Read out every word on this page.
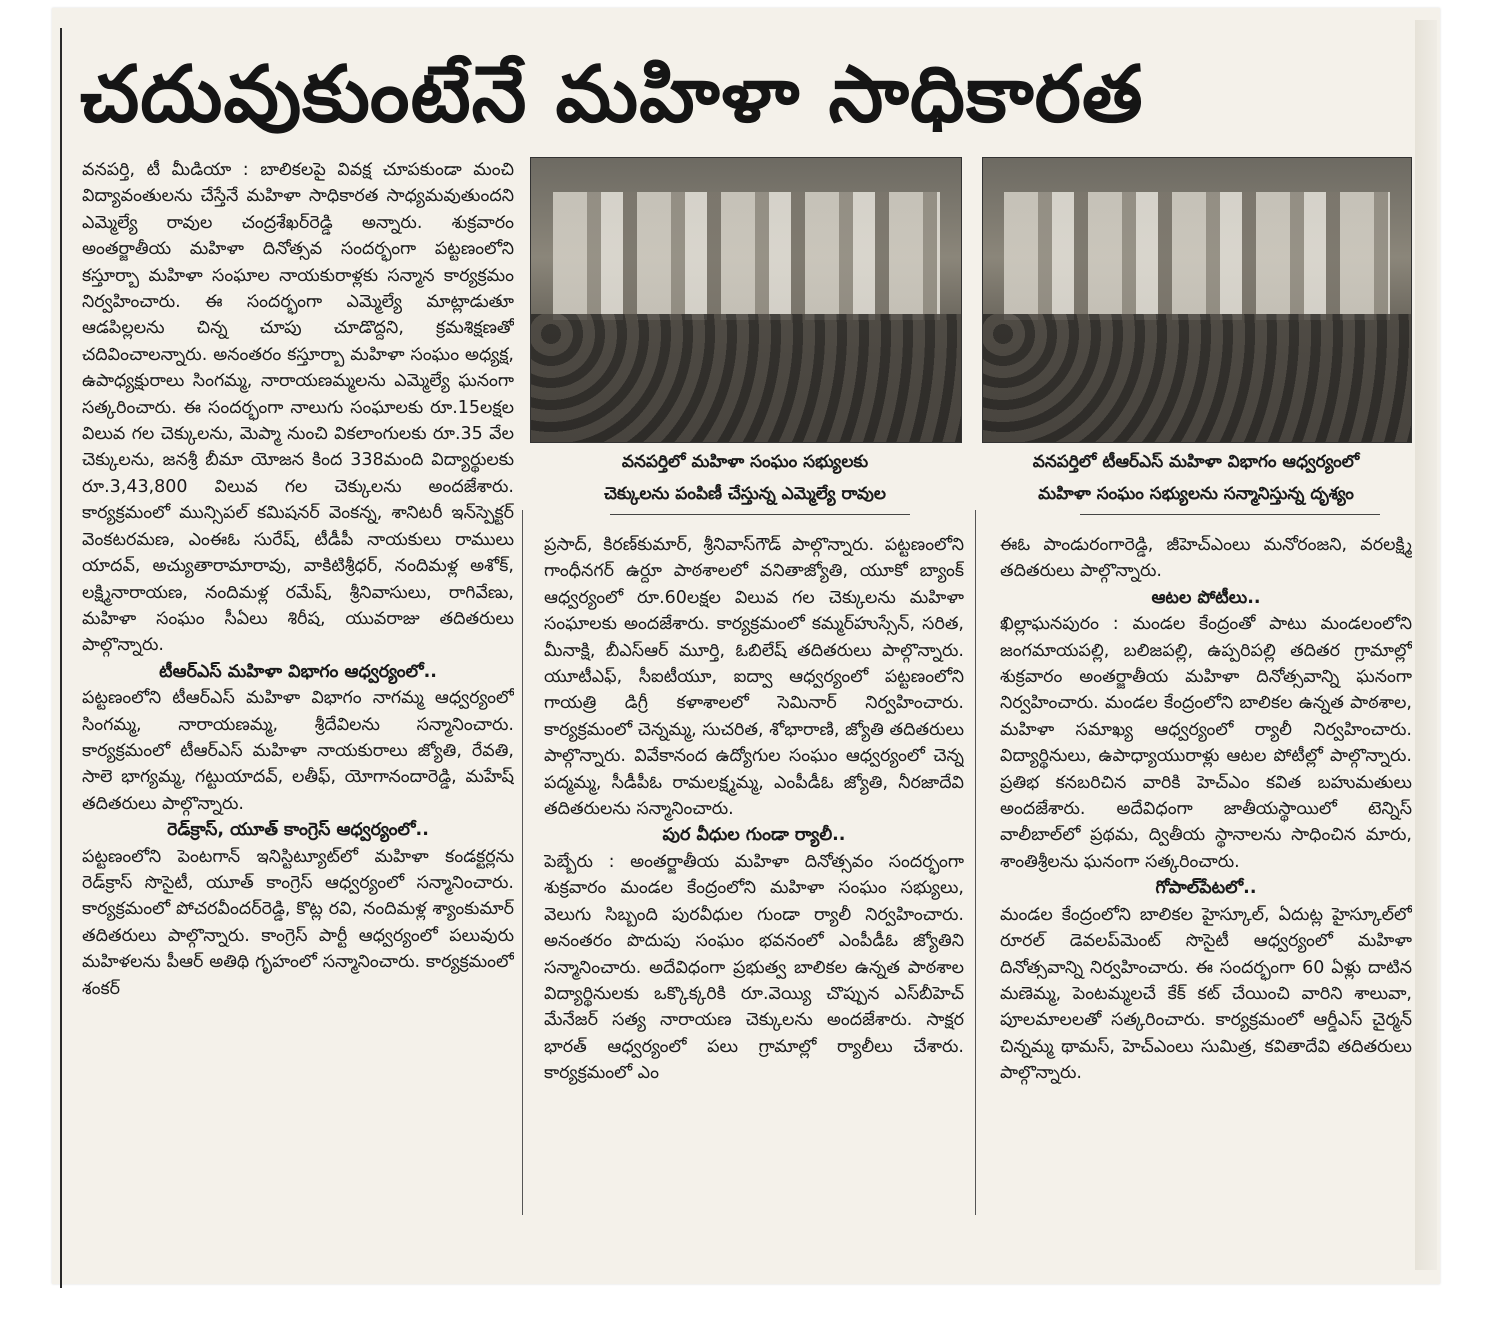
చదువుకుంటేనే మహిళా సాధికారత

వనపర్తి, టీ మీడియా : బాలికలపై వివక్ష చూపకుండా మంచి విద్యావంతులను చేస్తేనే మహిళా సాధికారత సాధ్యమవుతుందని ఎమ్మెల్యే రావుల చంద్రశేఖర్‌రెడ్డి అన్నారు. శుక్రవారం అంతర్జాతీయ మహిళా దినోత్సవ సందర్భంగా పట్టణంలోని కస్తూర్బా మహిళా సంఘాల నాయకురాళ్లకు సన్మాన కార్యక్రమం నిర్వహించారు. ఈ సందర్భంగా ఎమ్మెల్యే మాట్లాడుతూ ఆడపిల్లలను చిన్న చూపు చూడొద్దని, క్రమశిక్షణతో చదివించాలన్నారు. అనంతరం కస్తూర్బా మహిళా సంఘం అధ్యక్ష, ఉపాధ్యక్షురాలు సింగమ్మ, నారాయణమ్మలను ఎమ్మెల్యే ఘనంగా సత్కరించారు. ఈ సందర్భంగా నాలుగు సంఘాలకు రూ.15లక్షల విలువ గల చెక్కులను, మెప్మా నుంచి వికలాంగులకు రూ.35 వేల చెక్కులను, జనశ్రీ బీమా యోజన కింద 338మంది విద్యార్థులకు రూ.3,43,800 విలువ గల చెక్కులను అందజేశారు. కార్యక్రమంలో మున్సిపల్ కమిషనర్ వెంకన్న, శానిటరీ ఇన్‌స్పెక్టర్ వెంకటరమణ, ఎంఈఓ సురేష్, టీడీపీ నాయకులు రాములు యాదవ్, అచ్యుతారామారావు, వాకిటిశ్రీధర్, నందిమళ్ల అశోక్, లక్ష్మినారాయణ, నందిమళ్ల రమేష్, శ్రీనివాసులు, రాగివేణు, మహిళా సంఘం సీఏలు శిరీష, యువరాజు తదితరులు పాల్గొన్నారు.

టీఆర్‌ఎస్ మహిళా విభాగం ఆధ్వర్యంలో..

పట్టణంలోని టీఆర్‌ఎస్ మహిళా విభాగం నాగమ్మ ఆధ్వర్యంలో సింగమ్మ, నారాయణమ్మ, శ్రీదేవిలను సన్మానించారు. కార్యక్రమంలో టీఆర్‌ఎస్ మహిళా నాయకురాలు జ్యోతి, రేవతి, సాలె భాగ్యమ్మ, గట్టుయాదవ్, లతీఫ్, యోగానందారెడ్డి, మహేష్ తదితరులు పాల్గొన్నారు.

రెడ్‌క్రాస్, యూత్ కాంగ్రెస్ ఆధ్వర్యంలో..

పట్టణంలోని పెంటగాన్ ఇనిస్టిట్యూట్‌లో మహిళా కండక్టర్లను రెడ్‌క్రాస్ సొసైటీ, యూత్ కాంగ్రెస్ ఆధ్వర్యంలో సన్మానించారు. కార్యక్రమంలో పోచరవీందర్‌రెడ్డి, కొట్ల రవి, నందిమళ్ల శ్యాంకుమార్ తదితరులు పాల్గొన్నారు. కాంగ్రెస్ పార్టీ ఆధ్వర్యంలో పలువురు మహిళలను పీఆర్ అతిథి గృహంలో సన్మానించారు. కార్యక్రమంలో శంకర్

వనపర్తిలో మహిళా సంఘం సభ్యులకు
చెక్కులను పంపిణీ చేస్తున్న ఎమ్మెల్యే రావుల
వనపర్తిలో టీఆర్‌ఎస్ మహిళా విభాగం ఆధ్వర్యంలో
మహిళా సంఘం సభ్యులను సన్మానిస్తున్న దృశ్యం

ప్రసాద్, కిరణ్‌కుమార్, శ్రీనివాస్‌గౌడ్ పాల్గొన్నారు. పట్టణంలోని గాంధీనగర్ ఉర్దూ పాఠశాలలో వనితాజ్యోతి, యూకో బ్యాంక్ ఆధ్వర్యంలో రూ.60లక్షల విలువ గల చెక్కులను మహిళా సంఘాలకు అందజేశారు. కార్యక్రమంలో కమ్మర్‌హుస్సేన్, సరిత, మీనాక్షి, బీఎస్‌ఆర్ మూర్తి, ఓబిలేష్ తదితరులు పాల్గొన్నారు. యూటీఎఫ్, సీఐటీయూ, ఐద్వా ఆధ్వర్యంలో పట్టణంలోని గాయత్రి డిగ్రీ కళాశాలలో సెమినార్ నిర్వహించారు. కార్యక్రమంలో చెన్నమ్మ, సుచరిత, శోభారాణి, జ్యోతి తదితరులు పాల్గొన్నారు. వివేకానంద ఉద్యోగుల సంఘం ఆధ్వర్యంలో చెన్న పద్మమ్మ, సీడీపీఓ రామలక్ష్మమ్మ, ఎంపీడీఓ జ్యోతి, నీరజాదేవి తదితరులను సన్మానించారు.

పుర వీధుల గుండా ర్యాలీ..

పెబ్బేరు : అంతర్జాతీయ మహిళా దినోత్సవం సందర్భంగా శుక్రవారం మండల కేంద్రంలోని మహిళా సంఘం సభ్యులు, వెలుగు సిబ్బంది పురవీధుల గుండా ర్యాలీ నిర్వహించారు. అనంతరం పొదుపు సంఘం భవనంలో ఎంపీడీఓ జ్యోతిని సన్మానించారు. అదేవిధంగా ప్రభుత్వ బాలికల ఉన్నత పాఠశాల విద్యార్థినులకు ఒక్కొక్కరికి రూ.వెయ్యి చొప్పున ఎస్‌బీహెచ్ మేనేజర్ సత్య నారాయణ చెక్కులను అందజేశారు. సాక్షర భారత్ ఆధ్వర్యంలో పలు గ్రామాల్లో ర్యాలీలు చేశారు. కార్యక్రమంలో ఎం

ఈఓ పాండురంగారెడ్డి, జీహెచ్‌ఎంలు మనోరంజని, వరలక్ష్మి తదితరులు పాల్గొన్నారు.

ఆటల పోటీలు..

ఖిల్లాఘనపురం : మండల కేంద్రంతో పాటు మండలంలోని జంగమాయపల్లి, బలిజపల్లి, ఉప్పరిపల్లి తదితర గ్రామాల్లో శుక్రవారం అంతర్జాతీయ మహిళా దినోత్సవాన్ని ఘనంగా నిర్వహించారు. మండల కేంద్రంలోని బాలికల ఉన్నత పాఠశాల, మహిళా సమాఖ్య ఆధ్వర్యంలో ర్యాలీ నిర్వహించారు. విద్యార్థినులు, ఉపాధ్యాయురాళ్లు ఆటల పోటీల్లో పాల్గొన్నారు. ప్రతిభ కనబరిచిన వారికి హెచ్‌ఎం కవిత బహుమతులు అందజేశారు. అదేవిధంగా జాతీయస్థాయిలో టెన్నిస్ వాలీబాల్‌లో ప్రథమ, ద్వితీయ స్థానాలను సాధించిన మారు, శాంతిశ్రీలను ఘనంగా సత్కరించారు.

గోపాల్‌పేటలో..

మండల కేంద్రంలోని బాలికల హైస్కూల్, ఏదుట్ల హైస్కూల్‌లో రూరల్ డెవలప్‌మెంట్ సొసైటీ ఆధ్వర్యంలో మహిళా దినోత్సవాన్ని నిర్వహించారు. ఈ సందర్భంగా 60 ఏళ్లు దాటిన మణెమ్మ, పెంటమ్మలచే కేక్ కట్ చేయించి వారిని శాలువా, పూలమాలలతో సత్కరించారు. కార్యక్రమంలో ఆర్డీఎస్ చైర్మన్ చిన్నమ్మ థామస్, హెచ్‌ఎంలు సుమిత్ర, కవితాదేవి తదితరులు పాల్గొన్నారు.
